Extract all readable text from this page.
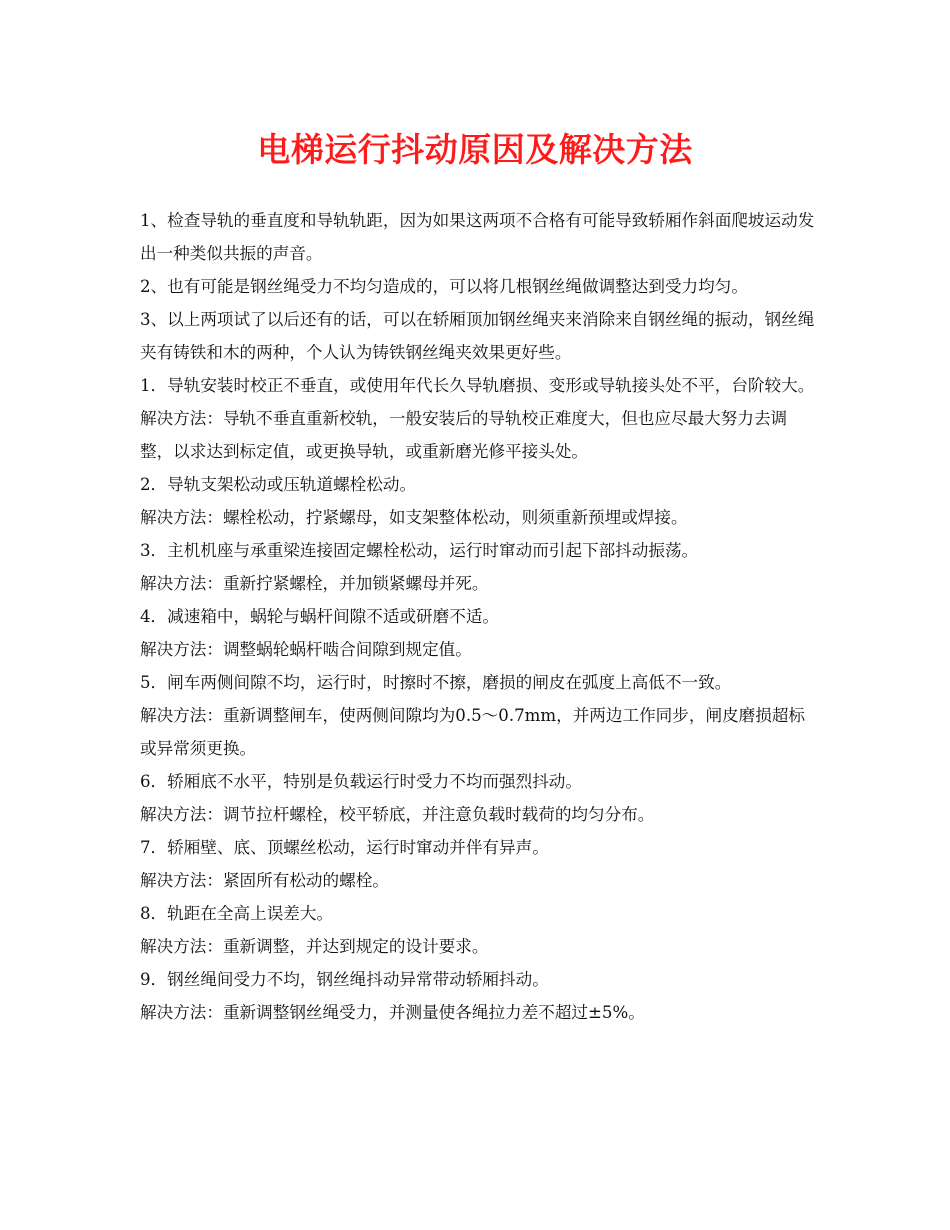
电梯运行抖动原因及解决方法

1、检查导轨的垂直度和导轨轨距，因为如果这两项不合格有可能导致轿厢作斜面爬坡运动发出一种类似共振的声音。

2、也有可能是钢丝绳受力不均匀造成的，可以将几根钢丝绳做调整达到受力均匀。

3、以上两项试了以后还有的话，可以在轿厢顶加钢丝绳夹来消除来自钢丝绳的振动，钢丝绳夹有铸铁和木的两种，个人认为铸铁钢丝绳夹效果更好些。

1．导轨安装时校正不垂直，或使用年代长久导轨磨损、变形或导轨接头处不平，台阶较大。

解决方法：导轨不垂直重新校轨，一般安装后的导轨校正难度大，但也应尽最大努力去调整，以求达到标定值，或更换导轨，或重新磨光修平接头处。

2．导轨支架松动或压轨道螺栓松动。

解决方法：螺栓松动，拧紧螺母，如支架整体松动，则须重新预埋或焊接。

3．主机机座与承重梁连接固定螺栓松动，运行时窜动而引起下部抖动振荡。

解决方法：重新拧紧螺栓，并加锁紧螺母并死。

4．减速箱中，蜗轮与蜗杆间隙不适或研磨不适。

解决方法：调整蜗轮蜗杆啮合间隙到规定值。

5．闸车两侧间隙不均，运行时，时擦时不擦，磨损的闸皮在弧度上高低不一致。

解决方法：重新调整闸车，使两侧间隙均为0.5～0.7mm，并两边工作同步，闸皮磨损超标或异常须更换。

6．轿厢底不水平，特别是负载运行时受力不均而强烈抖动。

解决方法：调节拉杆螺栓，校平轿底，并注意负载时载荷的均匀分布。

7．轿厢壁、底、顶螺丝松动，运行时窜动并伴有异声。

解决方法：紧固所有松动的螺栓。

8．轨距在全高上误差大。

解决方法：重新调整，并达到规定的设计要求。

9．钢丝绳间受力不均，钢丝绳抖动异常带动轿厢抖动。

解决方法：重新调整钢丝绳受力，并测量使各绳拉力差不超过±5%。
